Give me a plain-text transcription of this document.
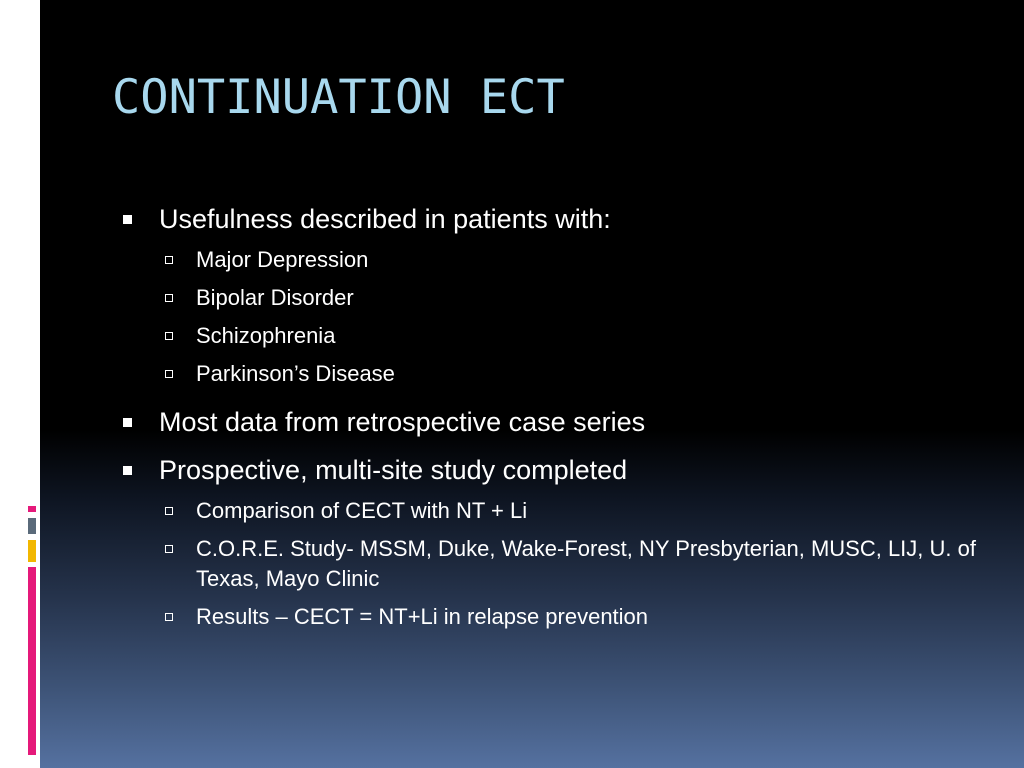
CONTINUATION ECT
Usefulness described in patients with:
Major Depression
Bipolar Disorder
Schizophrenia
Parkinson’s Disease
Most data from retrospective case series
Prospective, multi-site study completed
Comparison of CECT with NT + Li
C.O.R.E. Study- MSSM, Duke, Wake-Forest, NY Presbyterian, MUSC, LIJ, U. of Texas, Mayo Clinic
Results – CECT = NT+Li in relapse prevention
